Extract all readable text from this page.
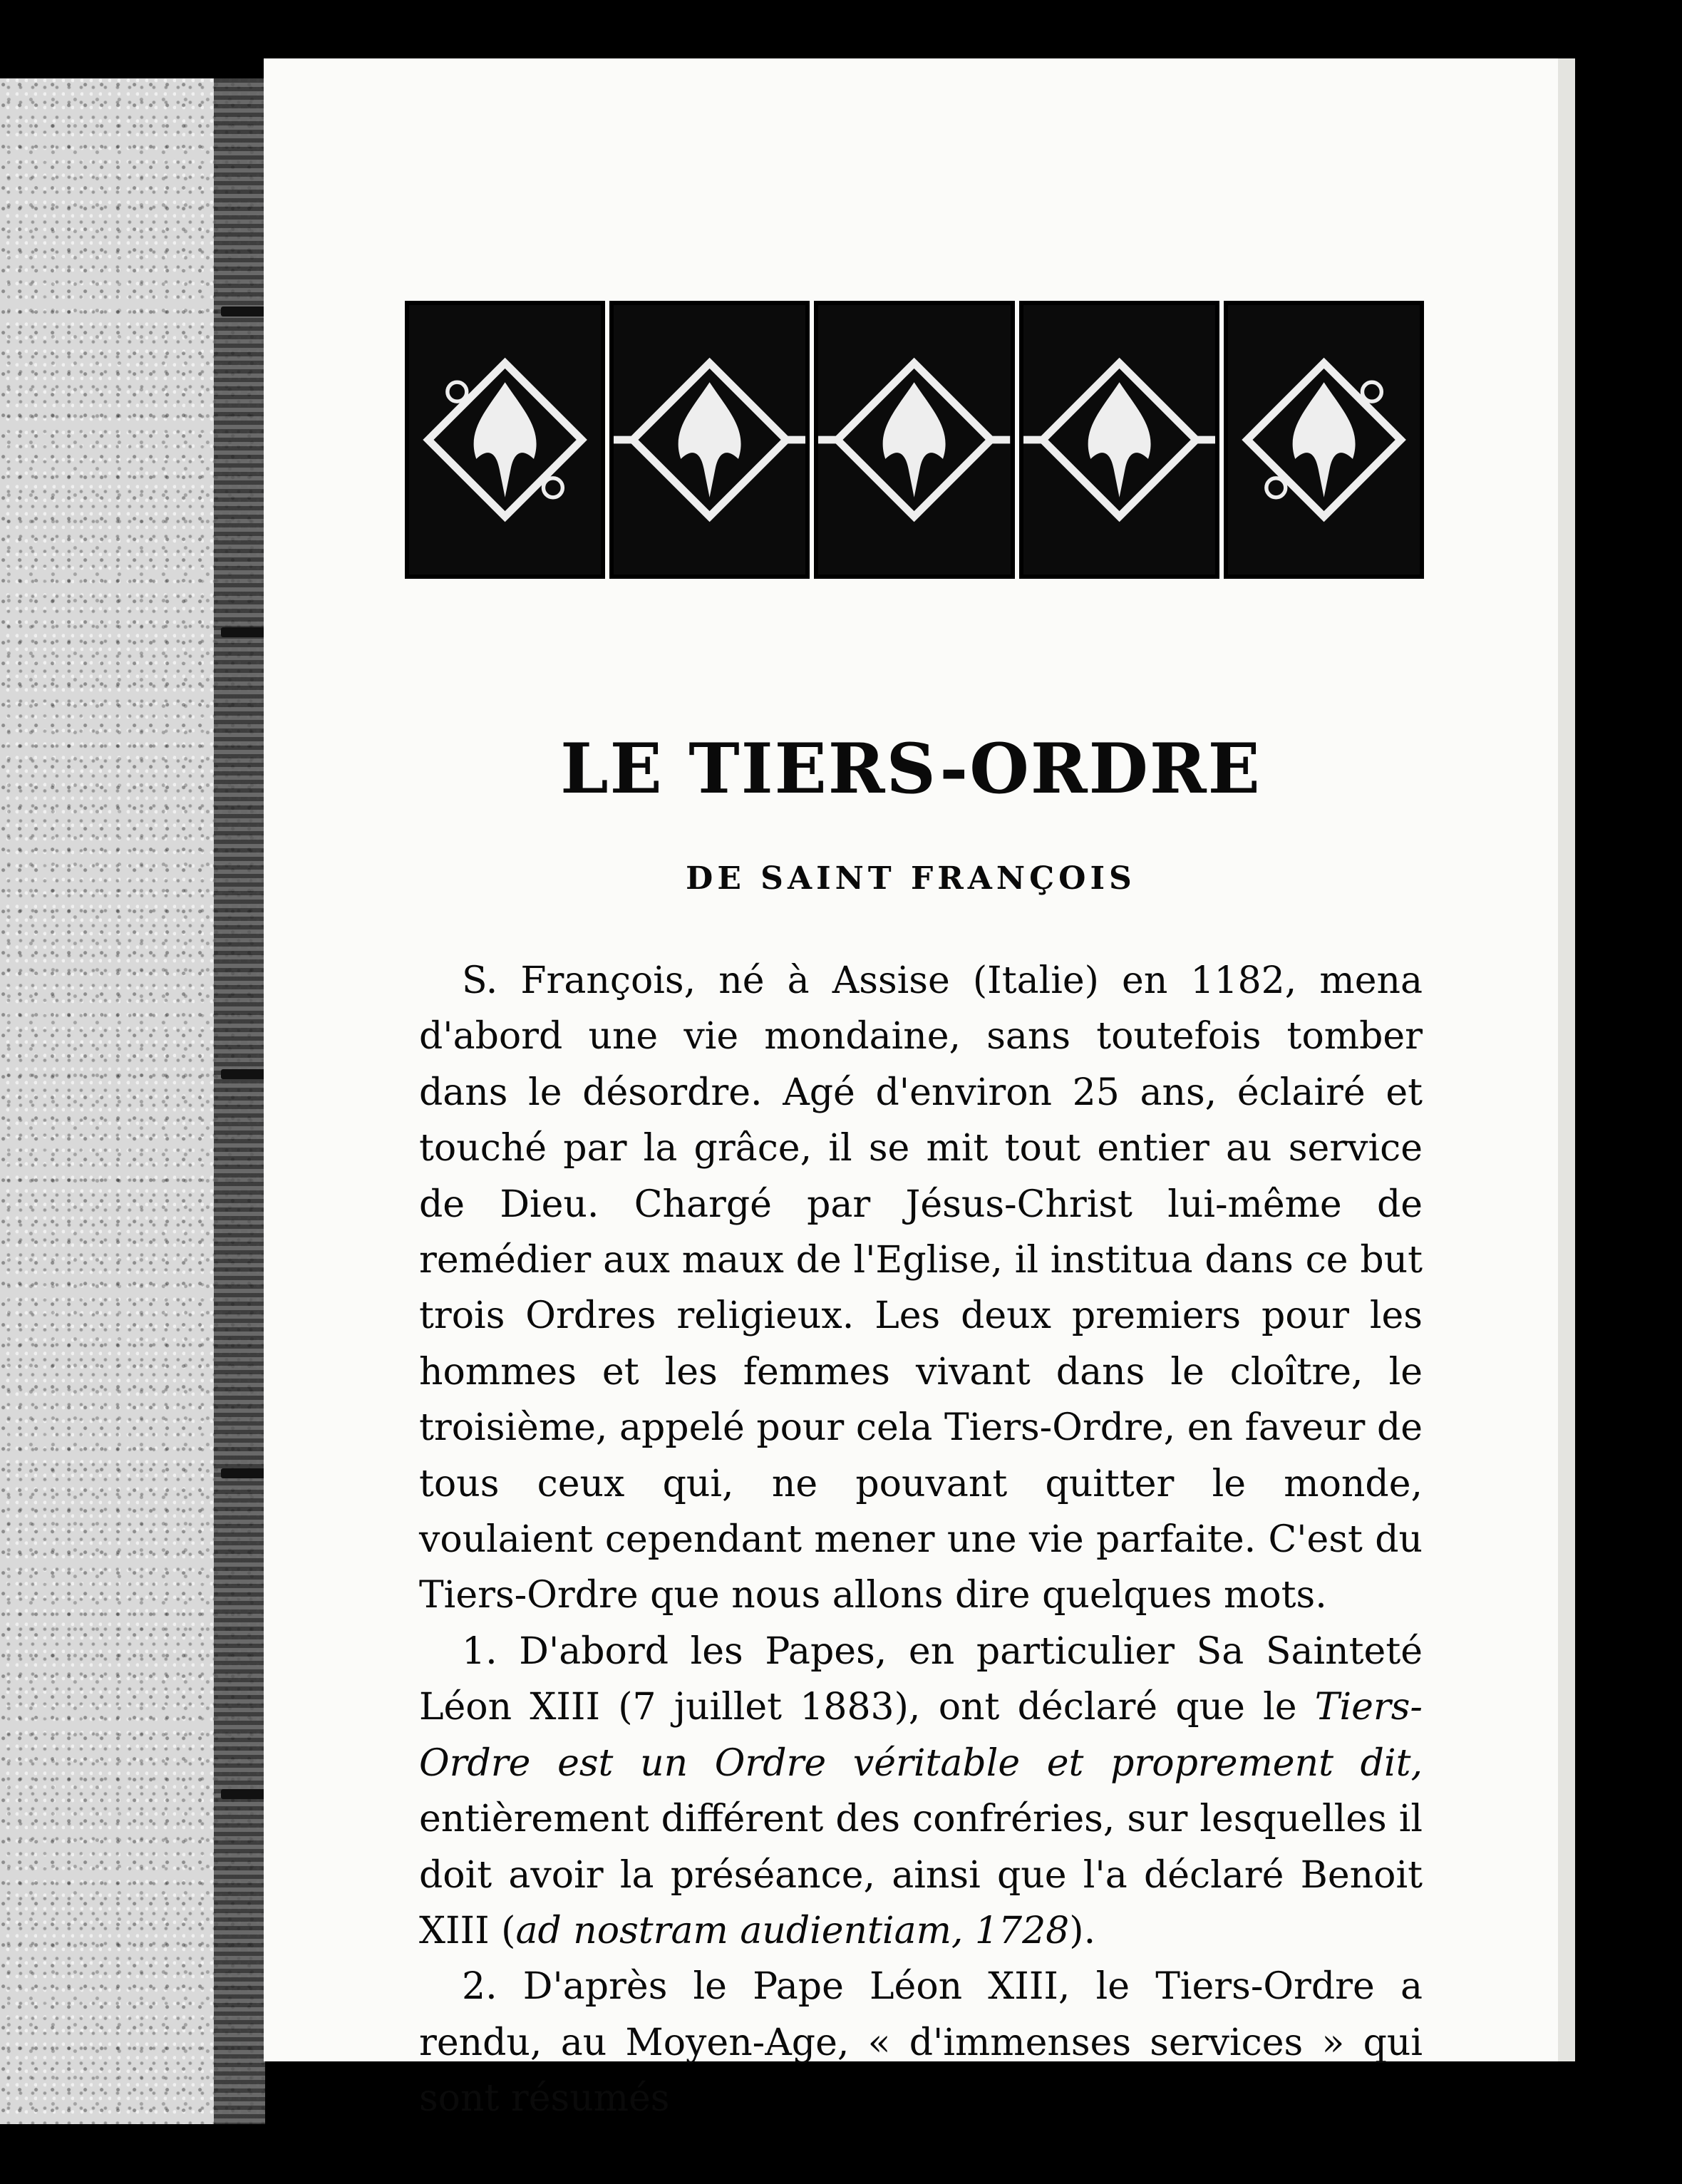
LE TIERS-ORDRE
DE SAINT FRANÇOIS

S. François, né à Assise (Italie) en 1182, mena d'abord une vie mondaine, sans toutefois tomber dans le désordre. Agé d'environ 25 ans, éclairé et touché par la grâce, il se mit tout entier au service de Dieu. Chargé par Jésus-Christ lui-même de remédier aux maux de l'Eglise, il institua dans ce but trois Ordres religieux. Les deux premiers pour les hommes et les femmes vivant dans le cloître, le troisième, appelé pour cela Tiers-Ordre, en faveur de tous ceux qui, ne pouvant quitter le monde, voulaient cependant mener une vie parfaite. C'est du Tiers-Ordre que nous allons dire quelques mots.

1. D'abord les Papes, en particulier Sa Sainteté Léon XIII (7 juillet 1883), ont déclaré que le Tiers-Ordre est un Ordre véritable et proprement dit, entièrement différent des confréries, sur lesquelles il doit avoir la préséance, ainsi que l'a déclaré Benoit XIII (ad nostram audientiam, 1728).

2. D'après le Pape Léon XIII, le Tiers-Ordre a rendu, au Moyen-Age, « d'immenses services » qui sont résumés
